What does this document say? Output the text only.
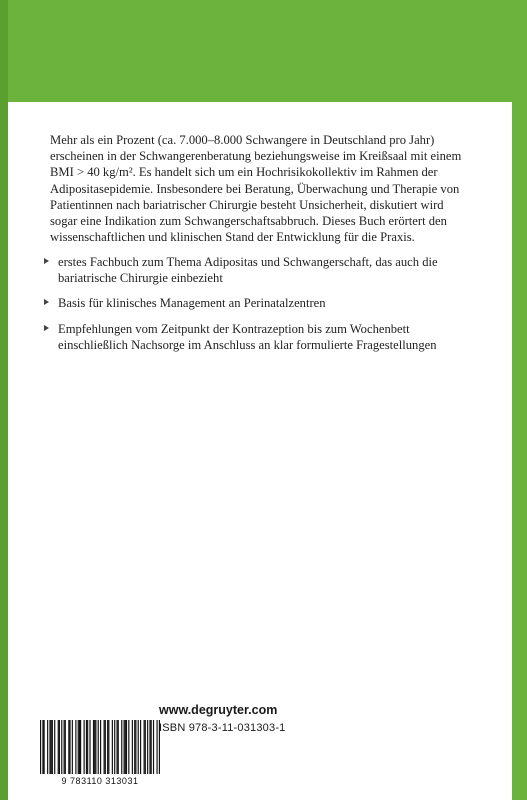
Mehr als ein Prozent (ca. 7.000–8.000 Schwangere in Deutschland pro Jahr) erscheinen in der Schwangerenberatung beziehungsweise im Kreißsaal mit einem BMI > 40 kg/m². Es handelt sich um ein Hochrisikokollektiv im Rahmen der Adipositasepidemie. Insbesondere bei Beratung, Überwachung und Therapie von Patientinnen nach bariatrischer Chirurgie besteht Unsicherheit, diskutiert wird sogar eine Indikation zum Schwangerschaftsabbruch. Dieses Buch erörtert den wissenschaftlichen und klinischen Stand der Entwicklung für die Praxis.

erstes Fachbuch zum Thema Adipositas und Schwangerschaft, das auch die bariatrische Chirurgie einbezieht
Basis für klinisches Management an Perinatalzentren
Empfehlungen vom Zeitpunkt der Kontrazeption bis zum Wochenbett einschließlich Nachsorge im Anschluss an klar formulierte Fragestellungen
9 783110 313031
www.degruyter.com
ISBN 978-3-11-031303-1
